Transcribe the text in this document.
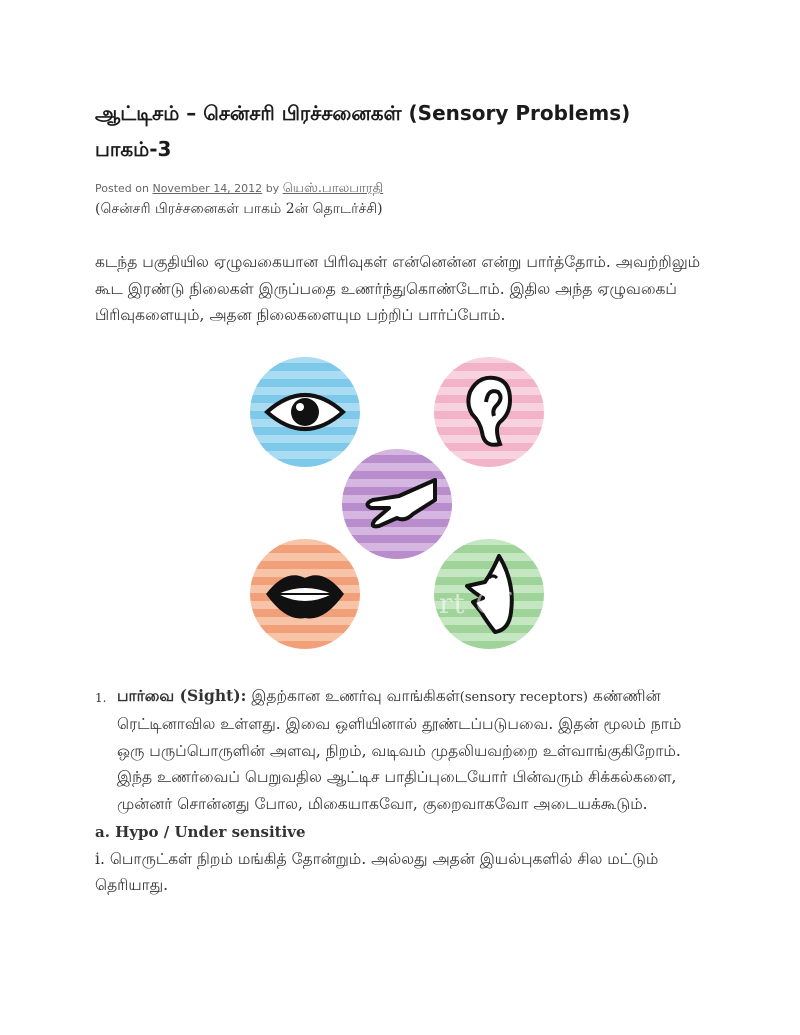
ஆட்டிசம் – சென்சரி பிரச்சனைகள் (Sensory Problems) பாகம்-3
Posted on November 14, 2012 by யெஸ்.பாலபாரதி
(சென்சரி பிரச்சனைகள் பாகம் 2ன் தொடர்ச்சி)

கடந்த பகுதியில ஏழுவகையான பிரிவுகள் என்னென்ன என்று பார்த்தோம். அவற்றிலும் கூட இரண்டு நிலைகள் இருப்பதை உணர்ந்துகொண்டோம். இதில அந்த ஏழுவகைப் பிரிவுகளையும், அதன நிலைகளையும பற்றிப் பார்ப்போம்.

Clipart Of
1. பார்வை (Sight): இதற்கான உணர்வு வாங்கிகள்(sensory receptors) கண்ணின் ரெட்டினாவில உள்ளது. இவை ஒளியினால் தூண்டப்படுபவை. இதன் மூலம் நாம் ஒரு பருப்பொருளின் அளவு, நிறம், வடிவம் முதலியவற்றை உள்வாங்குகிறோம். இந்த உணர்வைப் பெறுவதில ஆட்டிச பாதிப்புடையோர் பின்வரும் சிக்கல்களை, முன்னர் சொன்னது போல, மிகையாகவோ, குறைவாகவோ அடையக்கூடும்.
a. Hypo / Under sensitive
i. பொருட்கள் நிறம் மங்கித் தோன்றும். அல்லது அதன் இயல்புகளில் சில மட்டும் தெரியாது.
